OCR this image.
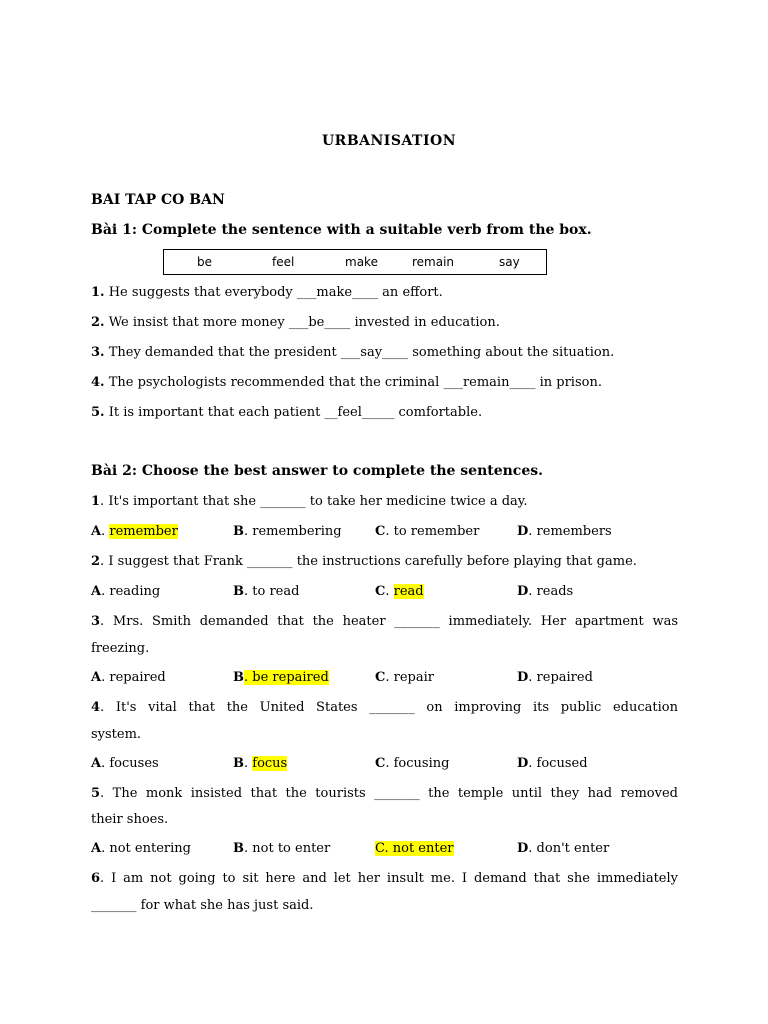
URBANISATION
BAI TAP CO BAN
Bài 1: Complete the sentence with a suitable verb from the box.
be	feel	make	remain	say
1. He suggests that everybody ___make____ an effort.
2. We insist that more money ___be____ invested in education.
3. They demanded that the president ___say____ something about the situation.
4. The psychologists recommended that the criminal ___remain____ in prison.
5. It is important that each patient __feel_____ comfortable.
Bài 2: Choose the best answer to complete the sentences.
1. It's important that she _______ to take her medicine twice a day.
A. remember	B. remembering	C. to remember	D. remembers
2. I suggest that Frank _______ the instructions carefully before playing that game.
A. reading	B. to read	C. read	D. reads
3. Mrs. Smith demanded that the heater _______ immediately. Her apartment was
freezing.
A. repaired	B. be repaired	C. repair	D. repaired
4. It's vital that the United States _______ on improving its public education
system.
A. focuses	B. focus	C. focusing	D. focused
5. The monk insisted that the tourists _______ the temple until they had removed
their shoes.
A. not entering	B. not to enter	C. not enter	D. don't enter
6. I am not going to sit here and let her insult me. I demand that she immediately
_______ for what she has just said.
